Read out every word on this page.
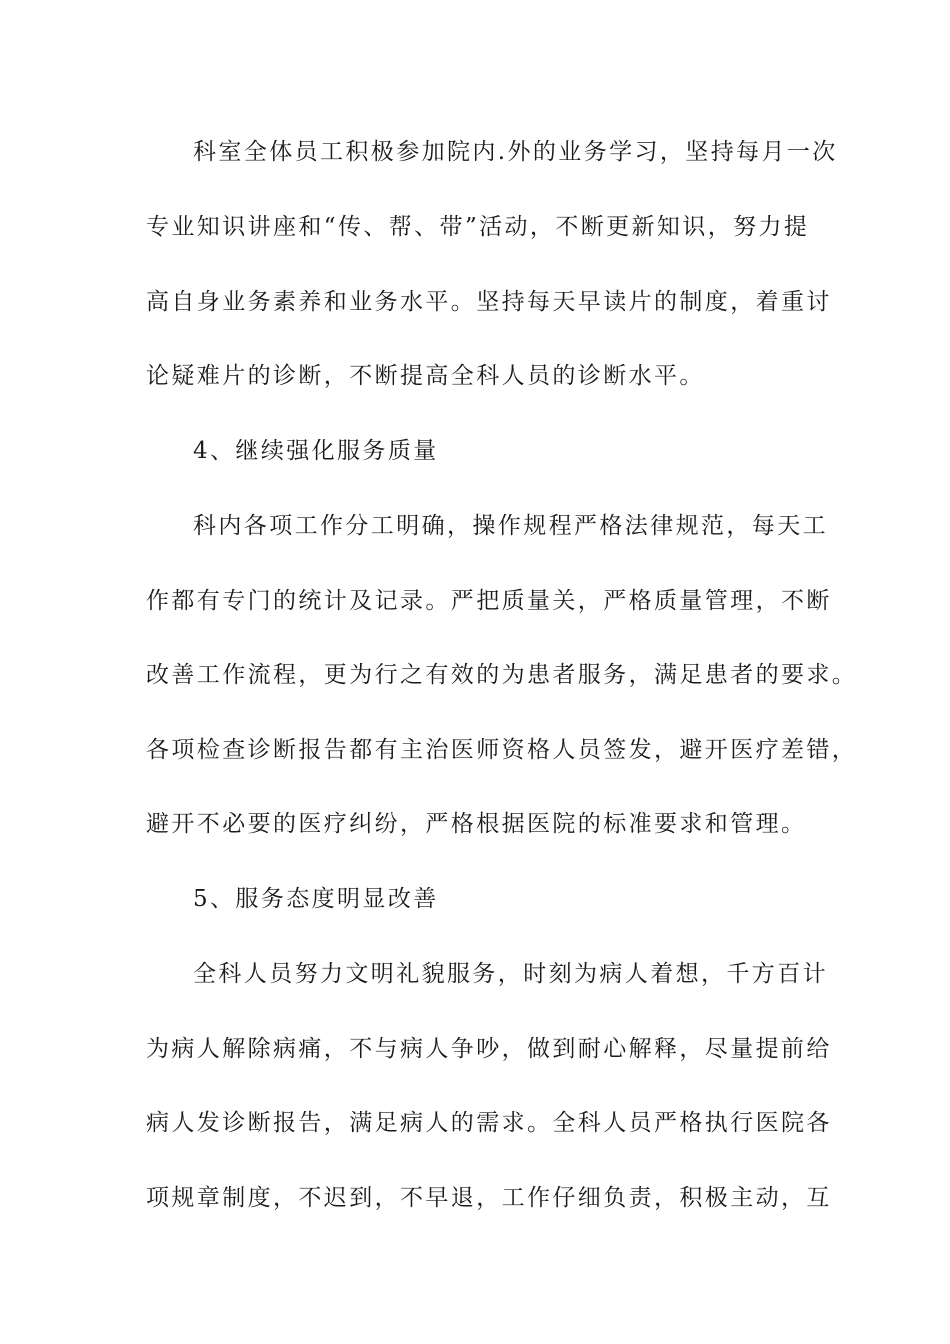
科室全体员工积极参加院内.外的业务学习，坚持每月一次
专业知识讲座和“传、帮、带”活动，不断更新知识，努力提
高自身业务素养和业务水平。坚持每天早读片的制度，着重讨
论疑难片的诊断，不断提高全科人员的诊断水平。
4、继续强化服务质量
科内各项工作分工明确，操作规程严格法律规范，每天工
作都有专门的统计及记录。严把质量关，严格质量管理，不断
改善工作流程，更为行之有效的为患者服务，满足患者的要求。
各项检查诊断报告都有主治医师资格人员签发，避开医疗差错，
避开不必要的医疗纠纷，严格根据医院的标准要求和管理。
5、服务态度明显改善
全科人员努力文明礼貌服务，时刻为病人着想，千方百计
为病人解除病痛，不与病人争吵，做到耐心解释，尽量提前给
病人发诊断报告，满足病人的需求。全科人员严格执行医院各
项规章制度，不迟到，不早退，工作仔细负责，积极主动，互
